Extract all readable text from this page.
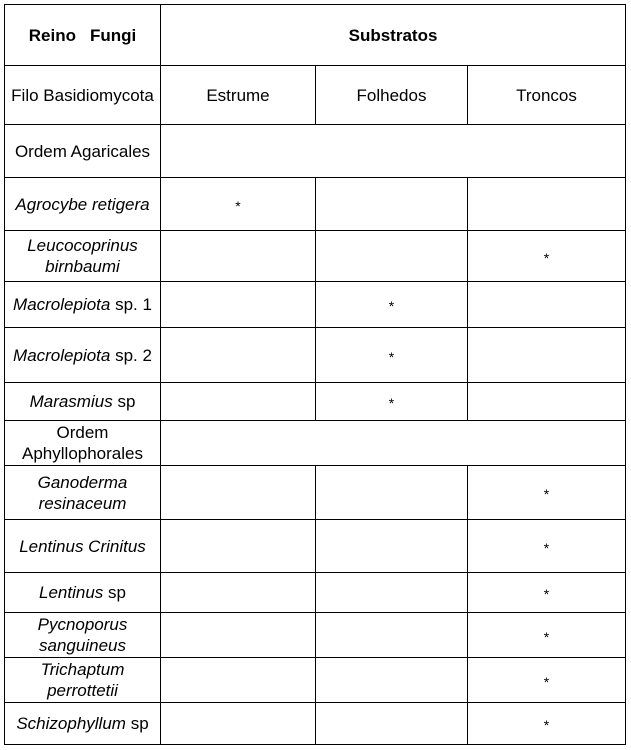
Reino Fungi	Substratos		
Filo Basidiomycota	Estrume	Folhedos	Troncos
Ordem Agaricales			
Agrocybe retigera	*		
Leucocoprinus birnbaumi			*
Macrolepiota sp. 1		*	
Macrolepiota sp. 2		*	
Marasmius sp		*	
Ordem Aphyllophorales			
Ganoderma resinaceum			*
Lentinus Crinitus			*
Lentinus sp			*
Pycnoporus sanguineus			*
Trichaptum perrottetii			*
Schizophyllum sp			*
